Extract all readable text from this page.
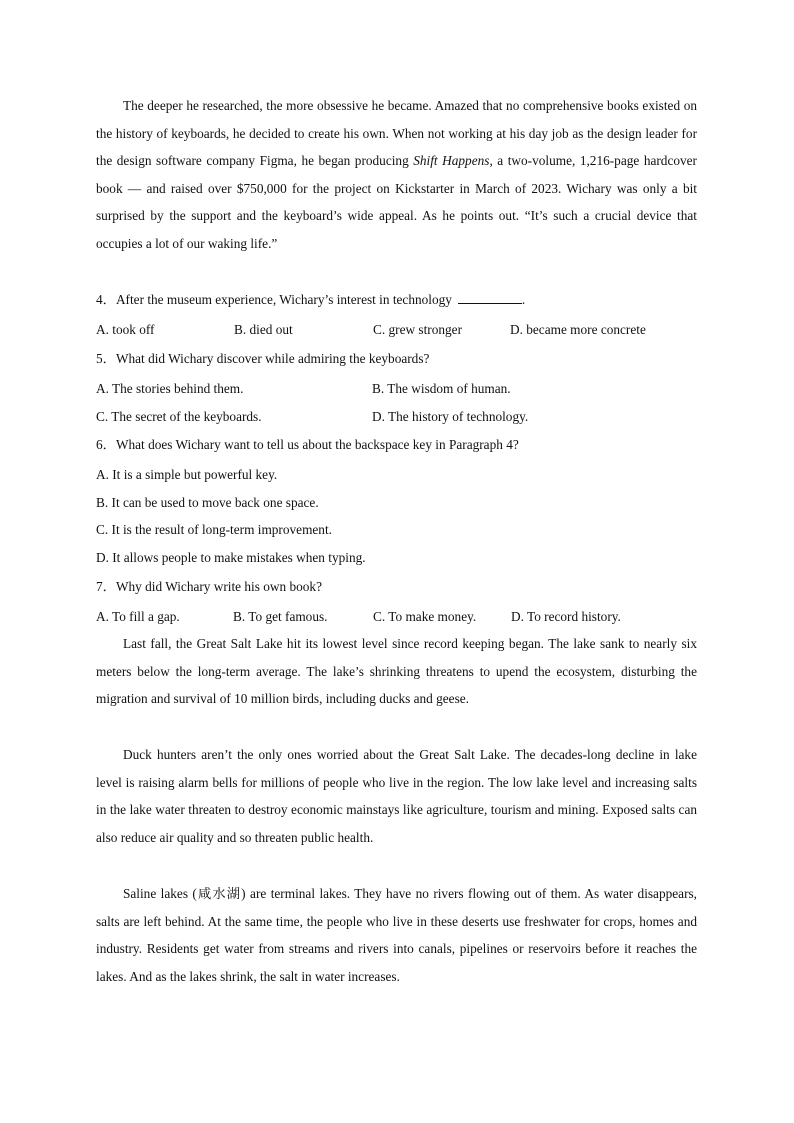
The deeper he researched, the more obsessive he became. Amazed that no comprehensive books existed on the history of keyboards, he decided to create his own. When not working at his day job as the design leader for the design software company Figma, he began producing Shift Happens, a two-volume, 1,216-page hardcover book — and raised over $750,000 for the project on Kickstarter in March of 2023. Wichary was only a bit surprised by the support and the keyboard’s wide appeal. As he points out. “It’s such a crucial device that occupies a lot of our waking life.”

4．After the museum experience, Wichary’s interest in technology	.
A. took off	B. died out	C. grew stronger	D. became more concrete
5．What did Wichary discover while admiring the keyboards?
A. The stories behind them.	B. The wisdom of human.
C. The secret of the keyboards.	D. The history of technology.
6．What does Wichary want to tell us about the backspace key in Paragraph 4?
A. It is a simple but powerful key.
B. It can be used to move back one space.
C. It is the result of long-term improvement.
D. It allows people to make mistakes when typing.
7．Why did Wichary write his own book?
A. To fill a gap.	B. To get famous.	C. To make money.	D. To record history.

Last fall, the Great Salt Lake hit its lowest level since record keeping began. The lake sank to nearly six meters below the long-term average. The lake’s shrinking threatens to upend the ecosystem, disturbing the migration and survival of 10 million birds, including ducks and geese.

Duck hunters aren’t the only ones worried about the Great Salt Lake. The decades-long decline in lake level is raising alarm bells for millions of people who live in the region. The low lake level and increasing salts in the lake water threaten to destroy economic mainstays like agriculture, tourism and mining. Exposed salts can also reduce air quality and so threaten public health.

Saline lakes (咸水湖) are terminal lakes. They have no rivers flowing out of them. As water disappears, salts are left behind. At the same time, the people who live in these deserts use freshwater for crops, homes and industry. Residents get water from streams and rivers into canals, pipelines or reservoirs before it reaches the lakes. And as the lakes shrink, the salt in water increases.
